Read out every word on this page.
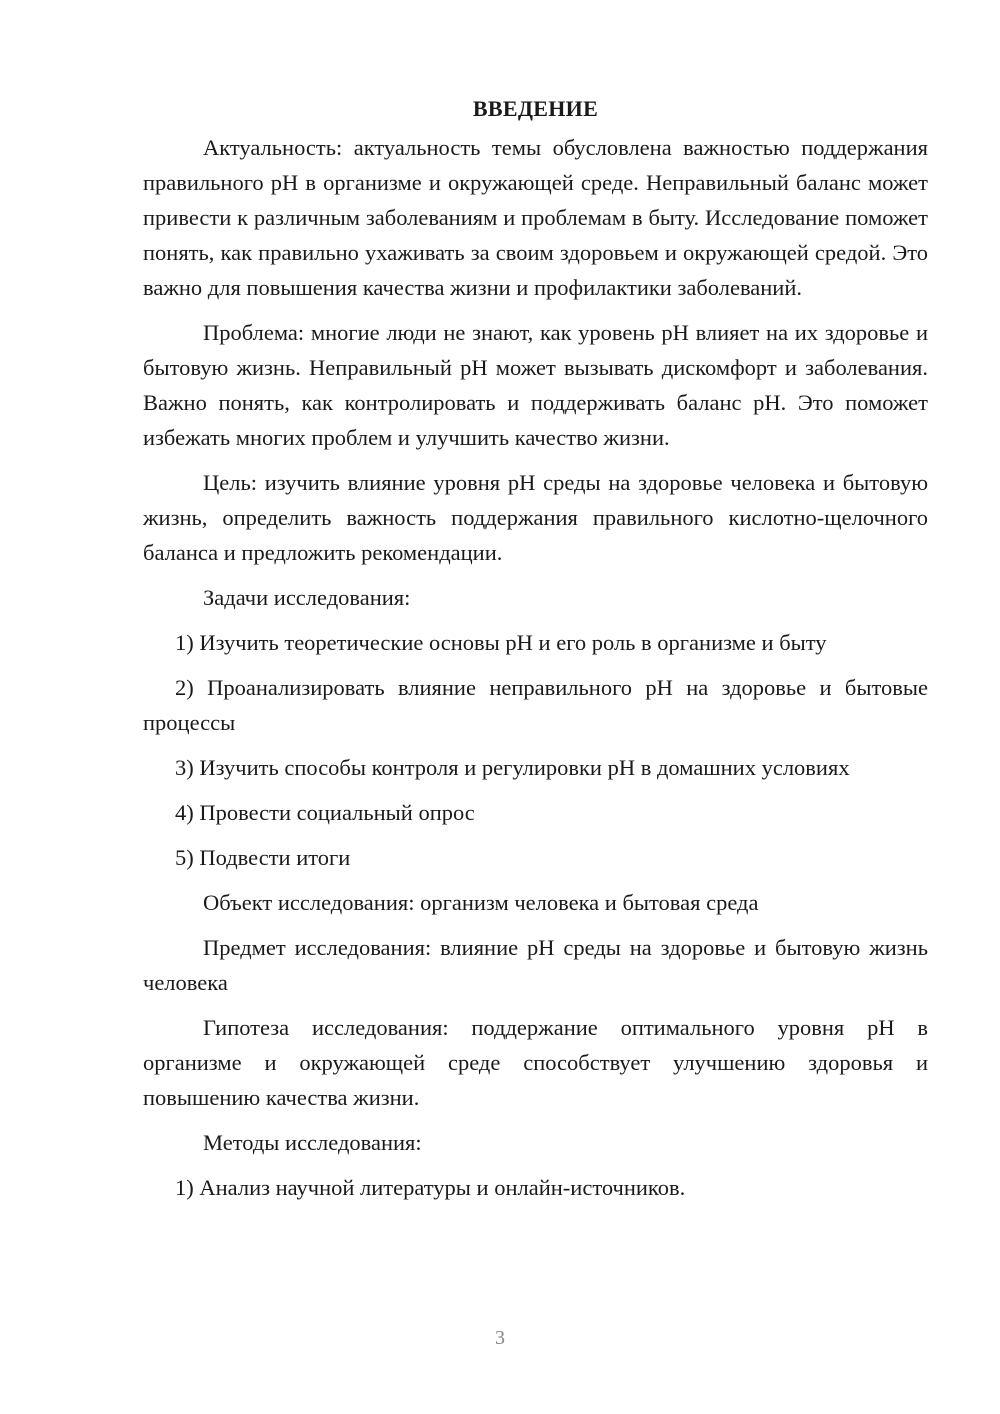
ВВЕДЕНИЕ

Актуальность: актуальность темы обусловлена важностью поддержания правильного pH в организме и окружающей среде. Неправильный баланс может привести к различным заболеваниям и проблемам в быту. Исследование поможет понять, как правильно ухаживать за своим здоровьем и окружающей средой. Это важно для повышения качества жизни и профилактики заболеваний.

Проблема: многие люди не знают, как уровень pH влияет на их здоровье и бытовую жизнь. Неправильный pH может вызывать дискомфорт и заболевания. Важно понять, как контролировать и поддерживать баланс pH. Это поможет избежать многих проблем и улучшить качество жизни.

Цель: изучить влияние уровня pH среды на здоровье человека и бытовую жизнь, определить важность поддержания правильного кислотно-щелочного баланса и предложить рекомендации.

Задачи исследования:

1) Изучить теоретические основы pH и его роль в организме и быту

2) Проанализировать влияние неправильного pH на здоровье и бытовые процессы

3) Изучить способы контроля и регулировки pH в домашних условиях

4) Провести социальный опрос

5) Подвести итоги

Объект исследования: организм человека и бытовая среда

Предмет исследования: влияние pH среды на здоровье и бытовую жизнь человека

Гипотеза исследования: поддержание оптимального уровня pH в организме и окружающей среде способствует улучшению здоровья и повышению качества жизни.

Методы исследования:

1) Анализ научной литературы и онлайн-источников.

3
